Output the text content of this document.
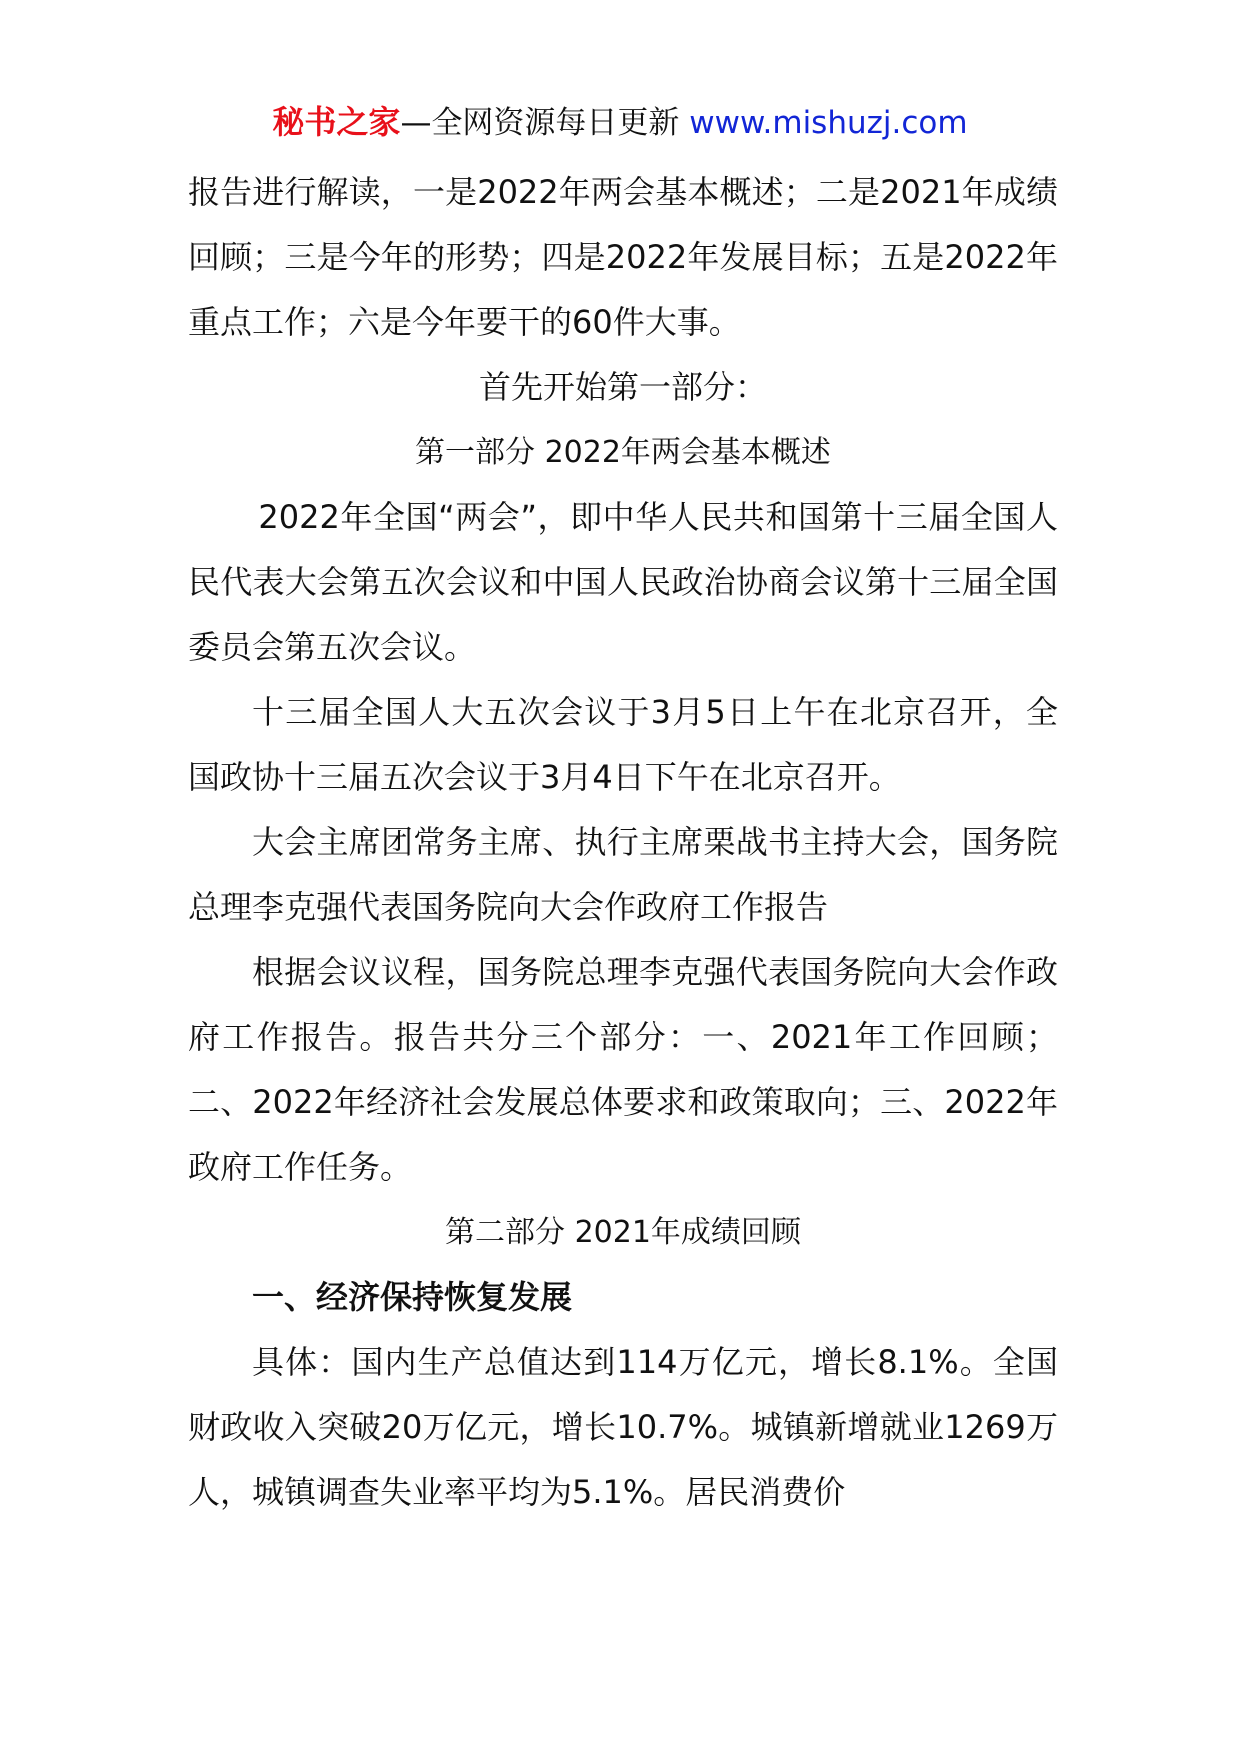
秘书之家—全网资源每日更新 www.mishuzj.com

报告进行解读，一是2022年两会基本概述；二是2021年成绩回顾；三是今年的形势；四是2022年发展目标；五是2022年重点工作；六是今年要干的60件大事。

首先开始第一部分：

第一部分 2022年两会基本概述

2022年全国“两会”，即中华人民共和国第十三届全国人民代表大会第五次会议和中国人民政治协商会议第十三届全国委员会第五次会议。

十三届全国人大五次会议于3月5日上午在北京召开，全国政协十三届五次会议于3月4日下午在北京召开。

大会主席团常务主席、执行主席栗战书主持大会，国务院总理李克强代表国务院向大会作政府工作报告

根据会议议程，国务院总理李克强代表国务院向大会作政府工作报告。报告共分三个部分：一、2021年工作回顾；二、2022年经济社会发展总体要求和政策取向；三、2022年政府工作任务。

第二部分 2021年成绩回顾

一、经济保持恢复发展

具体：国内生产总值达到114万亿元，增长8.1%。全国财政收入突破20万亿元，增长10.7%。城镇新增就业1269万人，城镇调查失业率平均为5.1%。居民消费价
